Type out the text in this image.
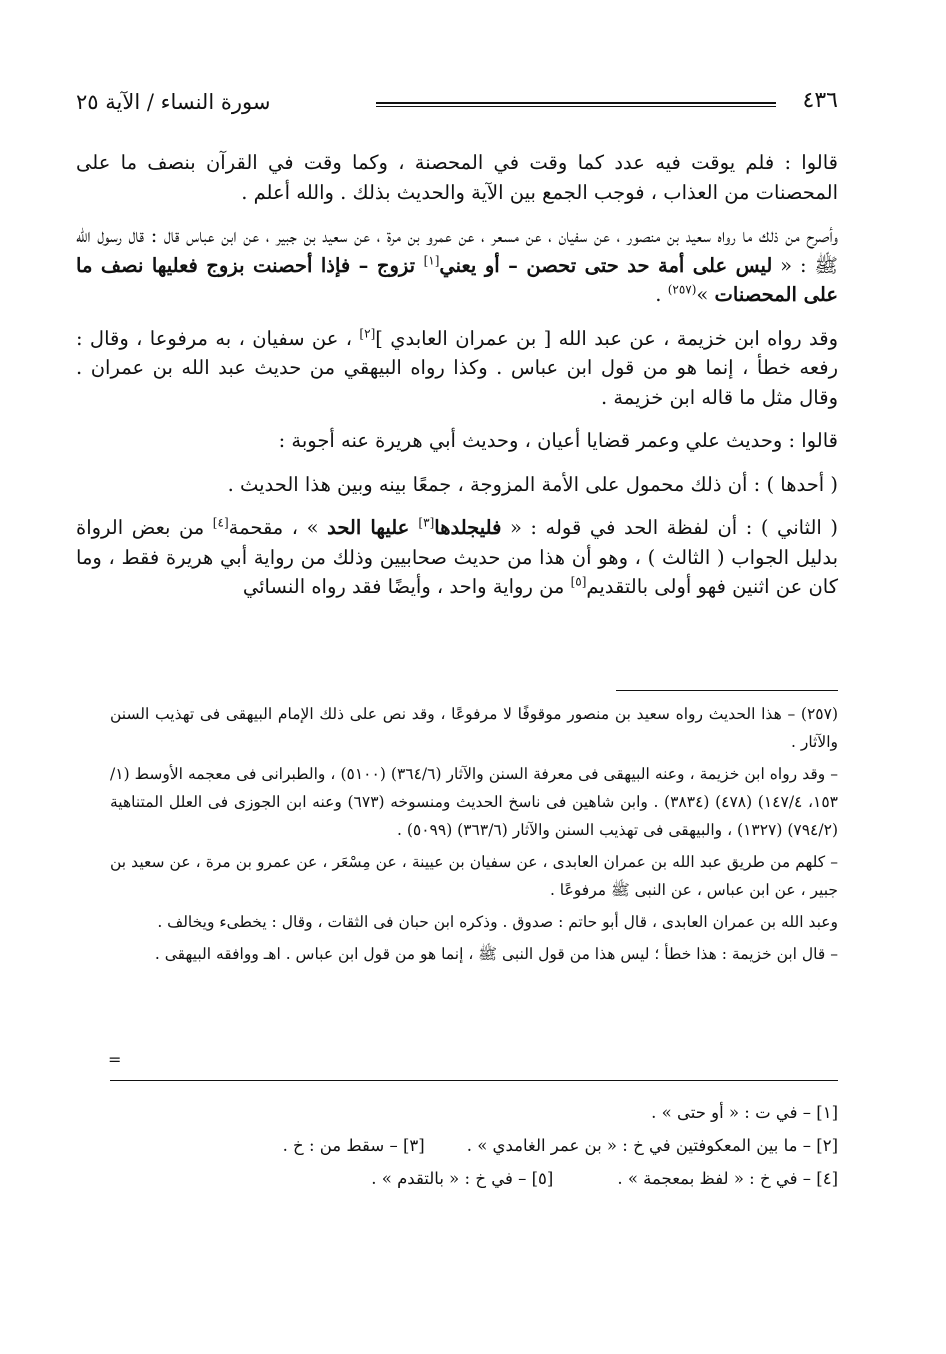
٤٣٦
سورة النساء / الآية ٢٥

قالوا : فلم يوقت فيه عدد كما وقت في المحصنة ، وكما وقت في القرآن بنصف ما على المحصنات من العذاب ، فوجب الجمع بين الآية والحديث بذلك . والله أعلم .

وأصرح من ذلك ما رواه سعيد بن منصور ، عن سفيان ، عن مسعر ، عن عمرو بن مرة ، عن سعيد بن جبير ، عن ابن عباس قال : قال رسول الله ﷺ : « ليس على أمة حد حتى تحصن – أو يعني[١] تزوج – فإذا أحصنت بزوج فعليها نصف ما على المحصنات »$^{(٢٥٧)}$ .

وقد رواه ابن خزيمة ، عن عبد الله [ بن عمران العابدي ][٢] ، عن سفيان ، به مرفوعا ، وقال : رفعه خطأ ، إنما هو من قول ابن عباس . وكذا رواه البيهقي من حديث عبد الله بن عمران . وقال مثل ما قاله ابن خزيمة .

قالوا : وحديث علي وعمر قضايا أعيان ، وحديث أبي هريرة عنه أجوبة :

( أحدها ) : أن ذلك محمول على الأمة المزوجة ، جمعًا بينه وبين هذا الحديث .

( الثاني ) : أن لفظة الحد في قوله : « فليجلدها[٣] عليها الحد » ، مقحمة[٤] من بعض الرواة بدليل الجواب ( الثالث ) ، وهو أن هذا من حديث صحابيين وذلك من رواية أبي هريرة فقط ، وما كان عن اثنين فهو أولى بالتقديم[٥] من رواية واحد ، وأيضًا فقد رواه النسائي

(٢٥٧) – هذا الحديث رواه سعيد بن منصور موقوفًا لا مرفوعًا ، وقد نص على ذلك الإمام البيهقى فى تهذيب السنن والآثار .

– وقد رواه ابن خزيمة ، وعنه البيهقى فى معرفة السنن والآثار (٣٦٤/٦) (٥١٠٠) ، والطبرانى فى معجمه الأوسط (١/ ١٥٣، ١٤٧/٤) (٤٧٨) (٣٨٣٤) . وابن شاهين فى ناسخ الحديث ومنسوخه (٦٧٣) وعنه ابن الجوزى فى العلل المتناهية (٧٩٤/٢) (١٣٢٧) ، والبيهقى فى تهذيب السنن والآثار (٣٦٣/٦) (٥٠٩٩) .

– كلهم من طريق عبد الله بن عمران العابدى ، عن سفيان بن عيينة ، عن مِسْعَر ، عن عمرو بن مرة ، عن سعيد بن جبير ، عن ابن عباس ، عن النبى ﷺ مرفوعًا .

وعبد الله بن عمران العابدى ، قال أبو حاتم : صدوق . وذكره ابن حبان فى الثقات ، وقال : يخطىء ويخالف .

– قال ابن خزيمة : هذا خطأ ؛ ليس هذا من قول النبى ﷺ ، إنما هو من قول ابن عباس . اهـ ووافقه البيهقى .

=
[١] – في ت : « أو حتى » .
[٢] – ما بين المعكوفتين في خ : « بن عمر الغامدي » .[٣] – سقط من : خ .
[٤] – في خ : « لفظ بمعجمة » .[٥] – في خ : « بالتقدم » .
